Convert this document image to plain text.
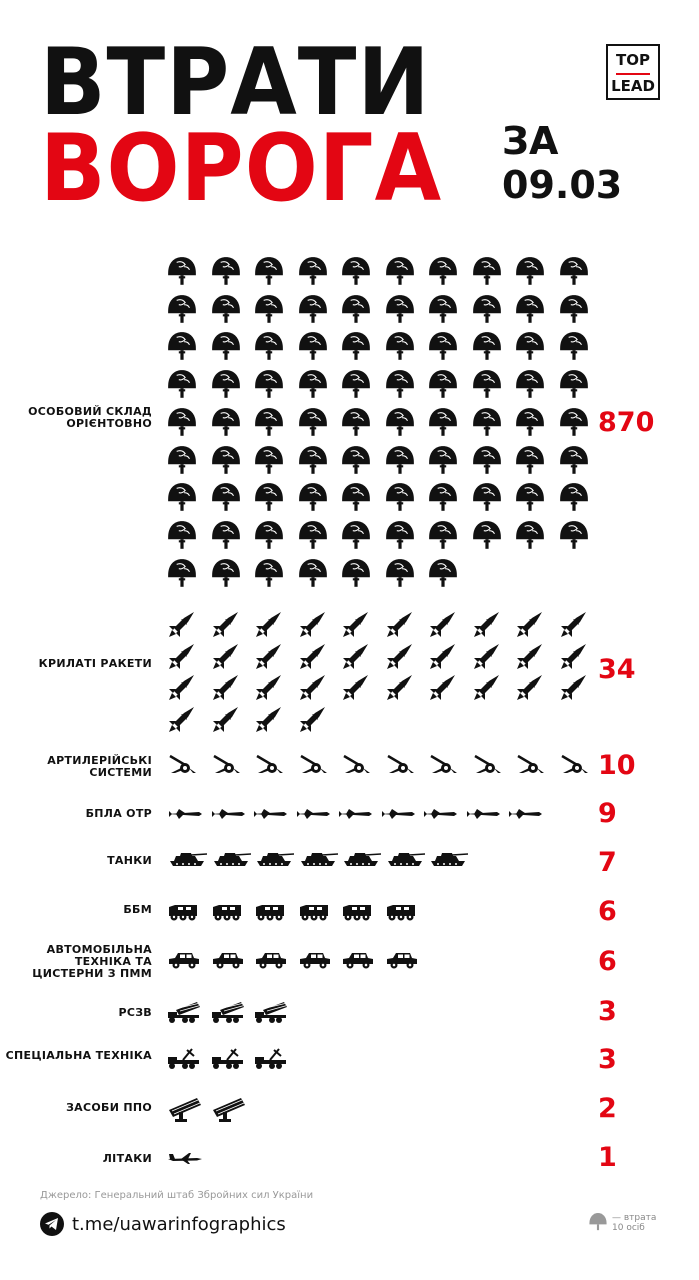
ВТРАТИ
ВОРОГА ЗА
09.03
TOP
LEAD
ОСОБОВИЙ СКЛАД ОРІЄНТОВНО	870
КРИЛАТІ РАКЕТИ	34
АРТИЛЕРІЙСЬКІ СИСТЕМИ	10
БПЛА ОТР	9
ТАНКИ	7
ББМ	6
АВТОМОБІЛЬНА ТЕХНІКА ТА ЦИСТЕРНИ З ПММ	6
РСЗВ	3
СПЕЦІАЛЬНА ТЕХНІКА	3
ЗАСОБИ ППО	2
ЛІТАКИ	1
Джерело: Генеральний штаб Збройних сил України
t.me/uawarinfographics	— втрата
10 осіб
